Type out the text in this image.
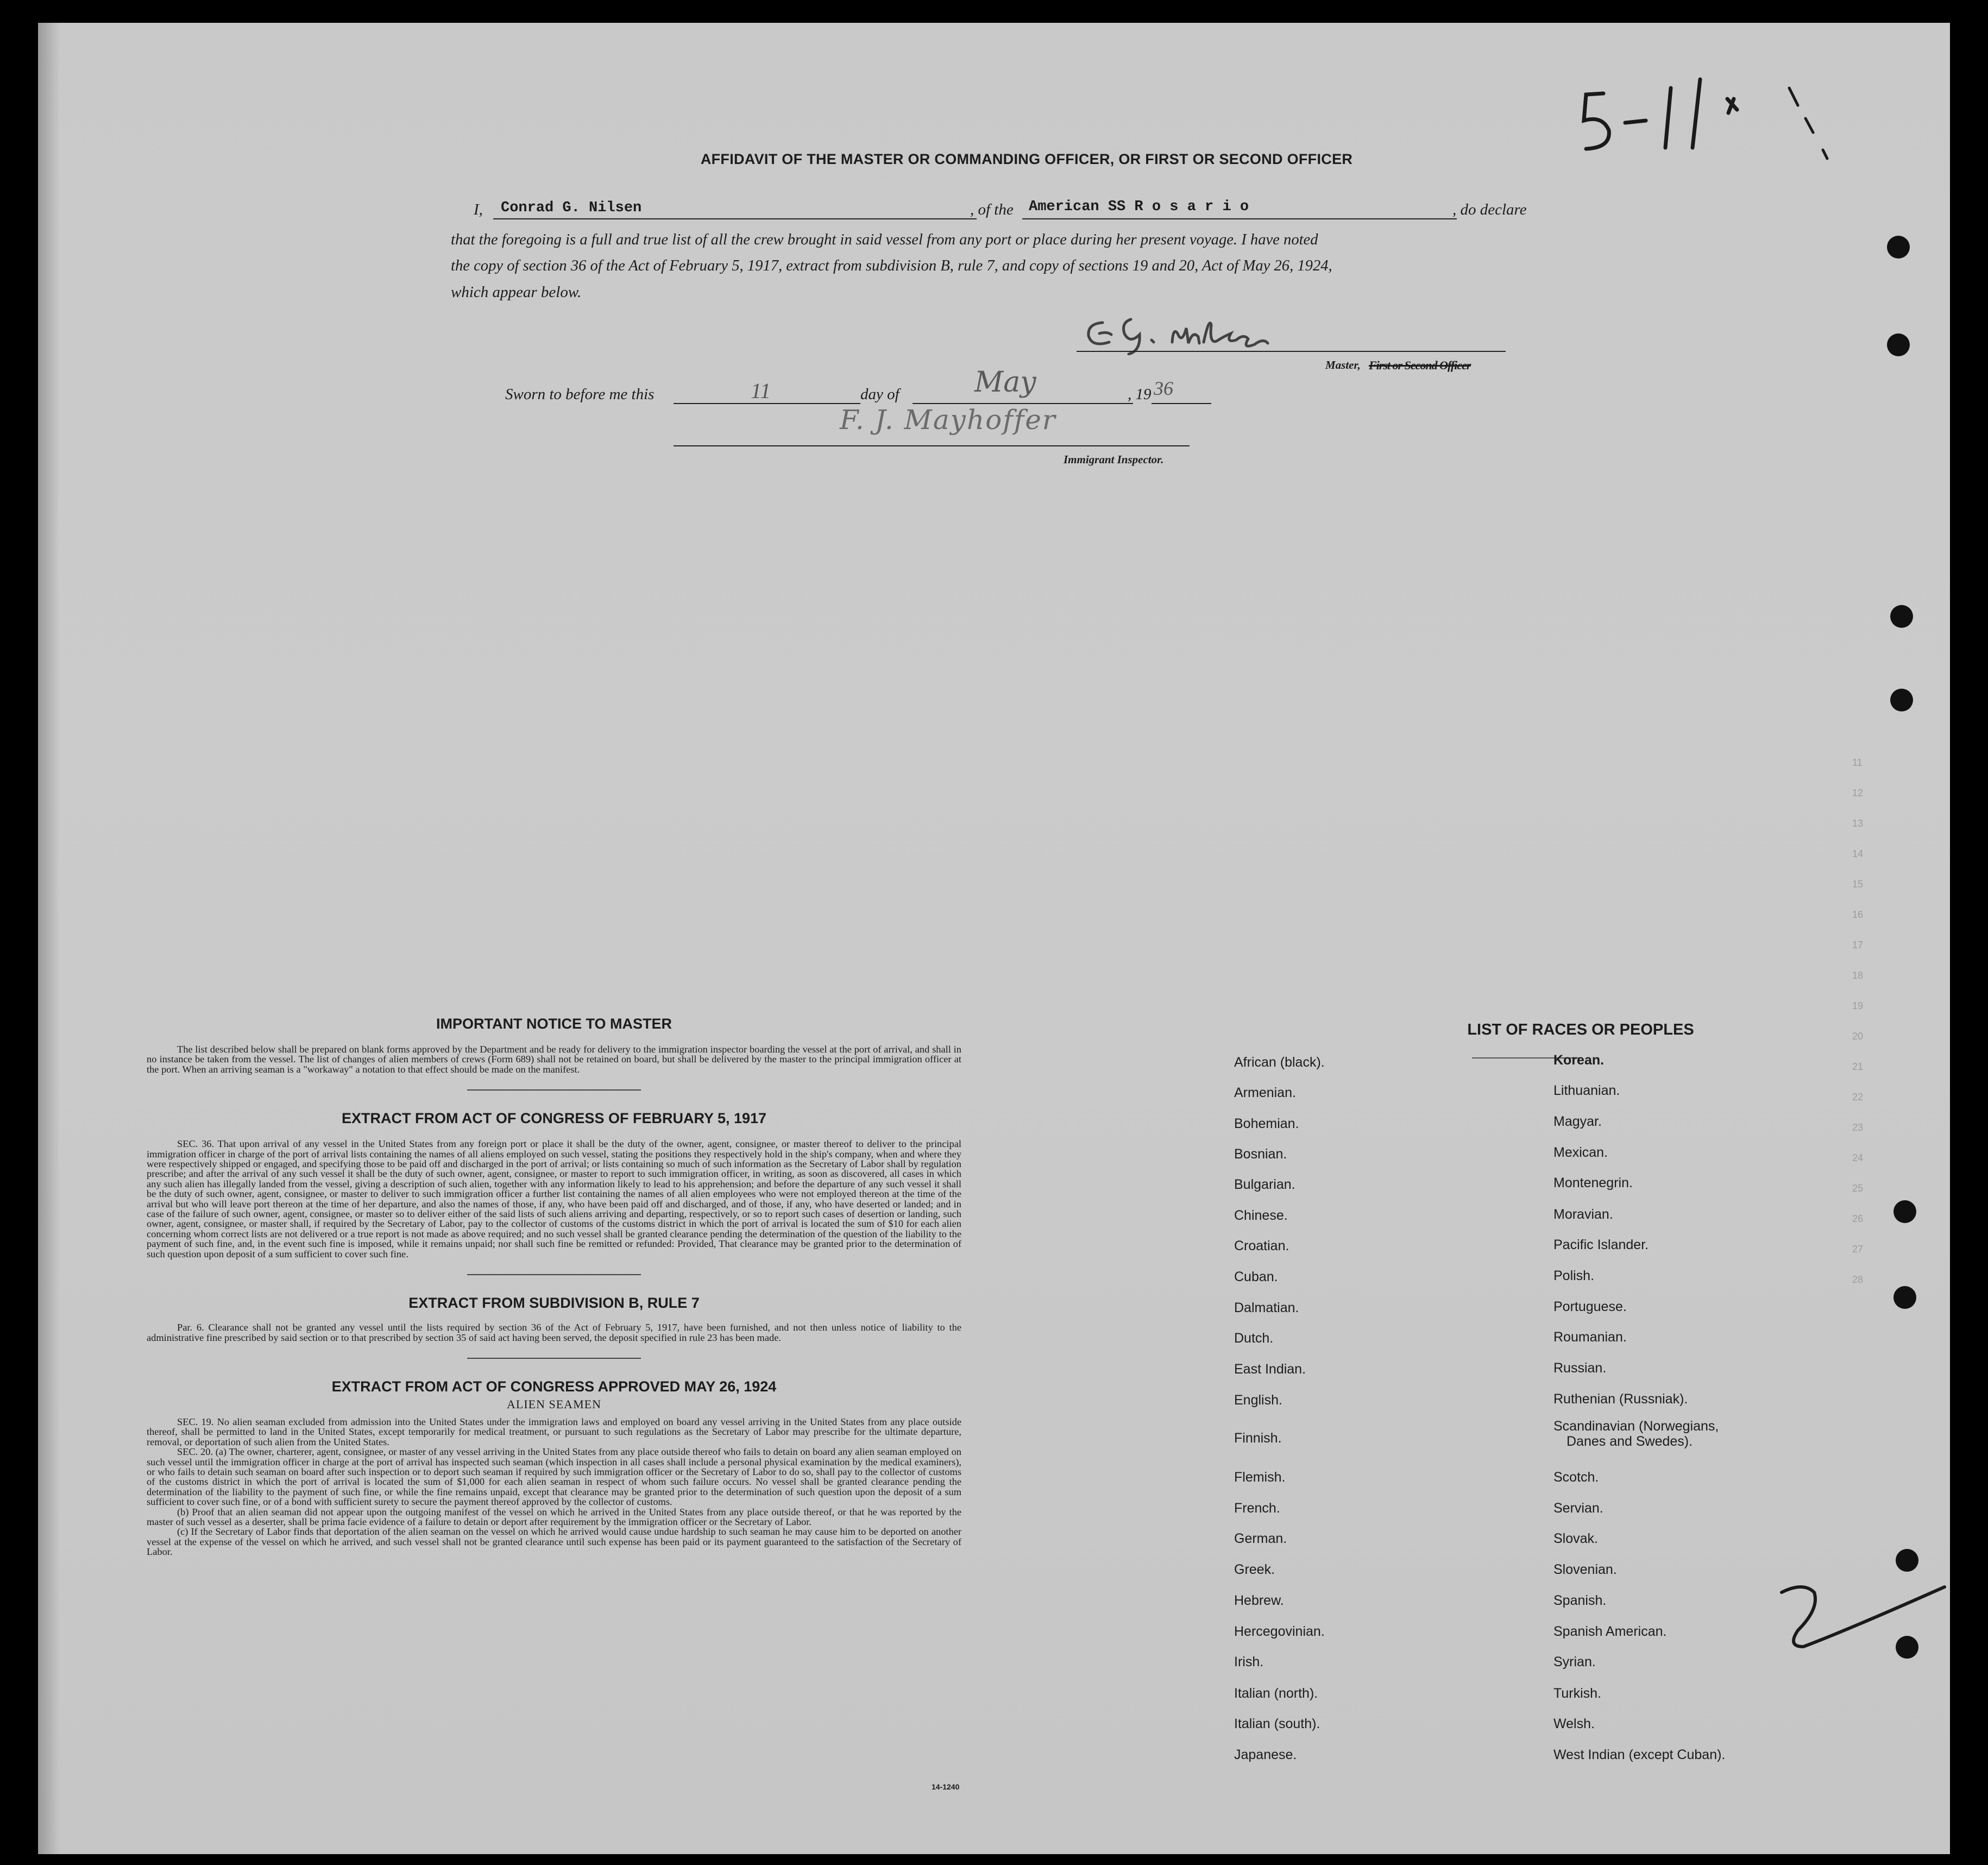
AFFIDAVIT OF THE MASTER OR COMMANDING OFFICER, OR FIRST OR SECOND OFFICER
I, Conrad G. Nilsen	, of the American SS R o s a r i o	, do declare
that the foregoing is a full and true list of all the crew brought in said vessel from any port or place during her present voyage. I have noted
the copy of section 36 of the Act of February 5, 1917, extract from subdivision B, rule 7, and copy of sections 19 and 20, Act of May 26, 1924,
which appear below.
Master, First or Second Officer
Sworn to before me this	11	day of	May	, 19 36
F. J. Mayhoffer
Immigrant Inspector.

IMPORTANT NOTICE TO MASTER

The list described below shall be prepared on blank forms approved by the Department and be ready for delivery to the immigration inspector boarding the vessel at the port of arrival, and shall in no instance be taken from the vessel. The list of changes of alien members of crews (Form 689) shall not be retained on board, but shall be delivered by the master to the principal immigration officer at the port. When an arriving seaman is a "workaway" a notation to that effect should be made on the manifest.

EXTRACT FROM ACT OF CONGRESS OF FEBRUARY 5, 1917

SEC. 36. That upon arrival of any vessel in the United States from any foreign port or place it shall be the duty of the owner, agent, consignee, or master thereof to deliver to the principal immigration officer in charge of the port of arrival lists containing the names of all aliens employed on such vessel, stating the positions they respectively hold in the ship's company, when and where they were respectively shipped or engaged, and specifying those to be paid off and discharged in the port of arrival; or lists containing so much of such information as the Secretary of Labor shall by regulation prescribe; and after the arrival of any such vessel it shall be the duty of such owner, agent, consignee, or master to report to such immigration officer, in writing, as soon as discovered, all cases in which any such alien has illegally landed from the vessel, giving a description of such alien, together with any information likely to lead to his apprehension; and before the departure of any such vessel it shall be the duty of such owner, agent, consignee, or master to deliver to such immigration officer a further list containing the names of all alien employees who were not employed thereon at the time of the arrival but who will leave port thereon at the time of her departure, and also the names of those, if any, who have been paid off and discharged, and of those, if any, who have deserted or landed; and in case of the failure of such owner, agent, consignee, or master so to deliver either of the said lists of such aliens arriving and departing, respectively, or so to report such cases of desertion or landing, such owner, agent, consignee, or master shall, if required by the Secretary of Labor, pay to the collector of customs of the customs district in which the port of arrival is located the sum of $10 for each alien concerning whom correct lists are not delivered or a true report is not made as above required; and no such vessel shall be granted clearance pending the determination of the question of the liability to the payment of such fine, and, in the event such fine is imposed, while it remains unpaid; nor shall such fine be remitted or refunded: Provided, That clearance may be granted prior to the determination of such question upon deposit of a sum sufficient to cover such fine.

EXTRACT FROM SUBDIVISION B, RULE 7

Par. 6. Clearance shall not be granted any vessel until the lists required by section 36 of the Act of February 5, 1917, have been furnished, and not then unless notice of liability to the administrative fine prescribed by said section or to that prescribed by section 35 of said act having been served, the deposit specified in rule 23 has been made.

EXTRACT FROM ACT OF CONGRESS APPROVED MAY 26, 1924

ALIEN SEAMEN

SEC. 19. No alien seaman excluded from admission into the United States under the immigration laws and employed on board any vessel arriving in the United States from any place outside thereof, shall be permitted to land in the United States, except temporarily for medical treatment, or pursuant to such regulations as the Secretary of Labor may prescribe for the ultimate departure, removal, or deportation of such alien from the United States.

SEC. 20. (a) The owner, charterer, agent, consignee, or master of any vessel arriving in the United States from any place outside thereof who fails to detain on board any alien seaman employed on such vessel until the immigration officer in charge at the port of arrival has inspected such seaman (which inspection in all cases shall include a personal physical examination by the medical examiners), or who fails to detain such seaman on board after such inspection or to deport such seaman if required by such immigration officer or the Secretary of Labor to do so, shall pay to the collector of customs of the customs district in which the port of arrival is located the sum of $1,000 for each alien seaman in respect of whom such failure occurs. No vessel shall be granted clearance pending the determination of the liability to the payment of such fine, or while the fine remains unpaid, except that clearance may be granted prior to the determination of such question upon the deposit of a sum sufficient to cover such fine, or of a bond with sufficient surety to secure the payment thereof approved by the collector of customs.

(b) Proof that an alien seaman did not appear upon the outgoing manifest of the vessel on which he arrived in the United States from any place outside thereof, or that he was reported by the master of such vessel as a deserter, shall be prima facie evidence of a failure to detain or deport after requirement by the immigration officer or the Secretary of Labor.

(c) If the Secretary of Labor finds that deportation of the alien seaman on the vessel on which he arrived would cause undue hardship to such seaman he may cause him to be deported on another vessel at the expense of the vessel on which he arrived, and such vessel shall not be granted clearance until such expense has been paid or its payment guaranteed to the satisfaction of the Secretary of Labor.

14-1240
LIST OF RACES OR PEOPLES
African (black).
Armenian.
Bohemian.
Bosnian.
Bulgarian.
Chinese.
Croatian.
Cuban.
Dalmatian.
Dutch.
East Indian.
English.
Finnish.
Flemish.
French.
German.
Greek.
Hebrew.
Hercegovinian.
Irish.
Italian (north).
Italian (south).
Japanese.
Korean.
Lithuanian.
Magyar.
Mexican.
Montenegrin.
Moravian.
Pacific Islander.
Polish.
Portuguese.
Roumanian.
Russian.
Ruthenian (Russniak).
Scandinavian (Norwegians,
Danes and Swedes).
Scotch.
Servian.
Slovak.
Slovenian.
Spanish.
Spanish American.
Syrian.
Turkish.
Welsh.
West Indian (except Cuban).
11
12
13
14
15
16
17
18
19
20
21
22
23
24
25
26
27
28
